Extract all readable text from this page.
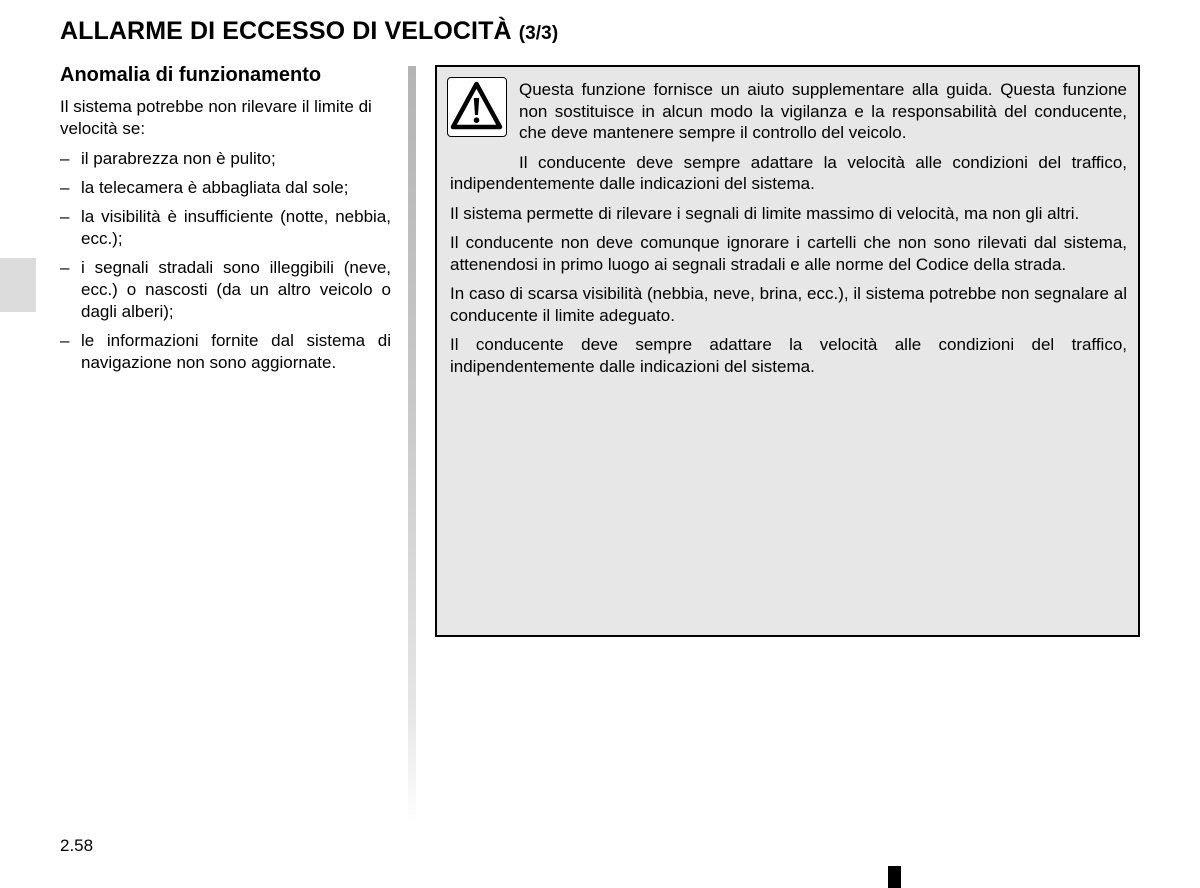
ALLARME DI ECCESSO DI VELOCITÀ (3/3)
Anomalia di funzionamento

Il sistema potrebbe non rilevare il limite di velocità se:

– il parabrezza non è pulito;
– la telecamera è abbagliata dal sole;
– la visibilità è insufficiente (notte, nebbia, ecc.);
– i segnali stradali sono illeggibili (neve, ecc.) o nascosti (da un altro veicolo o dagli alberi);
– le informazioni fornite dal sistema di navigazione non sono aggiornate.

Questa funzione fornisce un aiuto supplementare alla guida. Questa funzione non sostituisce in alcun modo la vigilanza e la responsabilità del conducente, che deve mantenere sempre il controllo del veicolo.

Il conducente deve sempre adattare la velocità alle condizioni del traffico, indipendentemente dalle indicazioni del sistema.

Il sistema permette di rilevare i segnali di limite massimo di velocità, ma non gli altri.

Il conducente non deve comunque ignorare i cartelli che non sono rilevati dal sistema, attenendosi in primo luogo ai segnali stradali e alle norme del Codice della strada.

In caso di scarsa visibilità (nebbia, neve, brina, ecc.), il sistema potrebbe non segnalare al conducente il limite adeguato.

Il conducente deve sempre adattare la velocità alle condizioni del traffico, indipendentemente dalle indicazioni del sistema.

2.58
